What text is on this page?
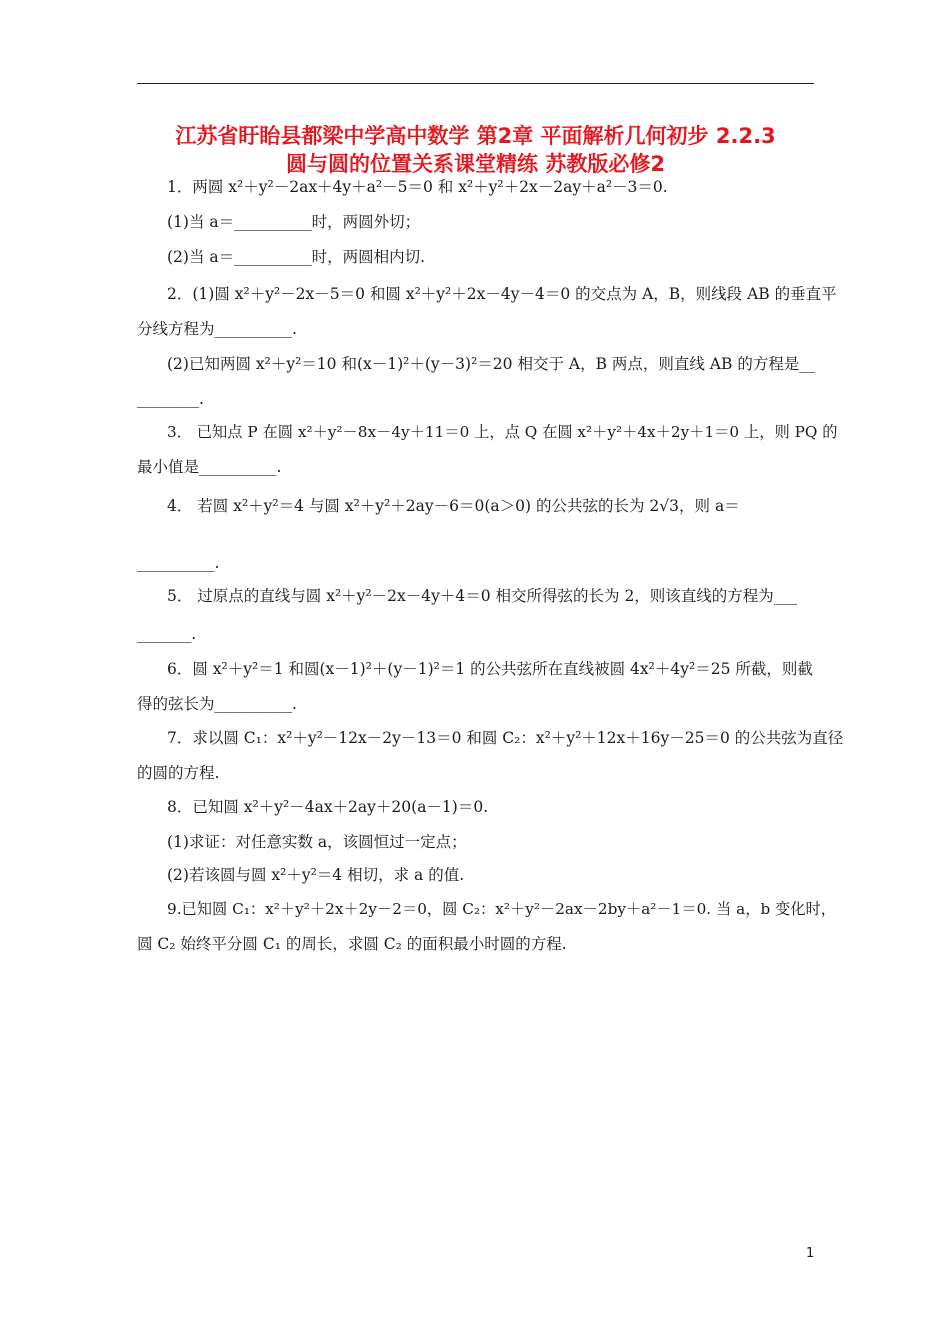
江苏省盱眙县都梁中学高中数学 第2章 平面解析几何初步 2.2.3
圆与圆的位置关系课堂精练 苏教版必修2
1．两圆 x²＋y²－2ax＋4y＋a²－5＝0 和 x²＋y²＋2x－2ay＋a²－3＝0.
(1)当 a＝__________时，两圆外切；
(2)当 a＝__________时，两圆相内切.
2．(1)圆 x²＋y²－2x－5＝0 和圆 x²＋y²＋2x－4y－4＝0 的交点为 A，B，则线段 AB 的垂直平
分线方程为__________.
(2)已知两圆 x²＋y²＝10 和(x－1)²＋(y－3)²＝20 相交于 A，B 两点，则直线 AB 的方程是__
________.
3． 已知点 P 在圆 x²＋y²－8x－4y＋11＝0 上，点 Q 在圆 x²＋y²＋4x＋2y＋1＝0 上，则 PQ 的
最小值是__________.
4． 若圆 x²＋y²＝4 与圆 x²＋y²＋2ay－6＝0(a＞0) 的公共弦的长为 2√3，则 a＝
__________.
5． 过原点的直线与圆 x²＋y²－2x－4y＋4＝0 相交所得弦的长为 2，则该直线的方程为___
_______.
6．圆 x²＋y²＝1 和圆(x－1)²＋(y－1)²＝1 的公共弦所在直线被圆 4x²＋4y²＝25 所截，则截
得的弦长为__________.
7．求以圆 C₁：x²＋y²－12x－2y－13＝0 和圆 C₂：x²＋y²＋12x＋16y－25＝0 的公共弦为直径
的圆的方程.
8．已知圆 x²＋y²－4ax＋2ay＋20(a－1)＝0.
(1)求证：对任意实数 a，该圆恒过一定点；
(2)若该圆与圆 x²＋y²＝4 相切，求 a 的值.
9.已知圆 C₁：x²＋y²＋2x＋2y－2＝0，圆 C₂：x²＋y²－2ax－2by＋a²－1＝0. 当 a，b 变化时，
圆 C₂ 始终平分圆 C₁ 的周长，求圆 C₂ 的面积最小时圆的方程.
1
